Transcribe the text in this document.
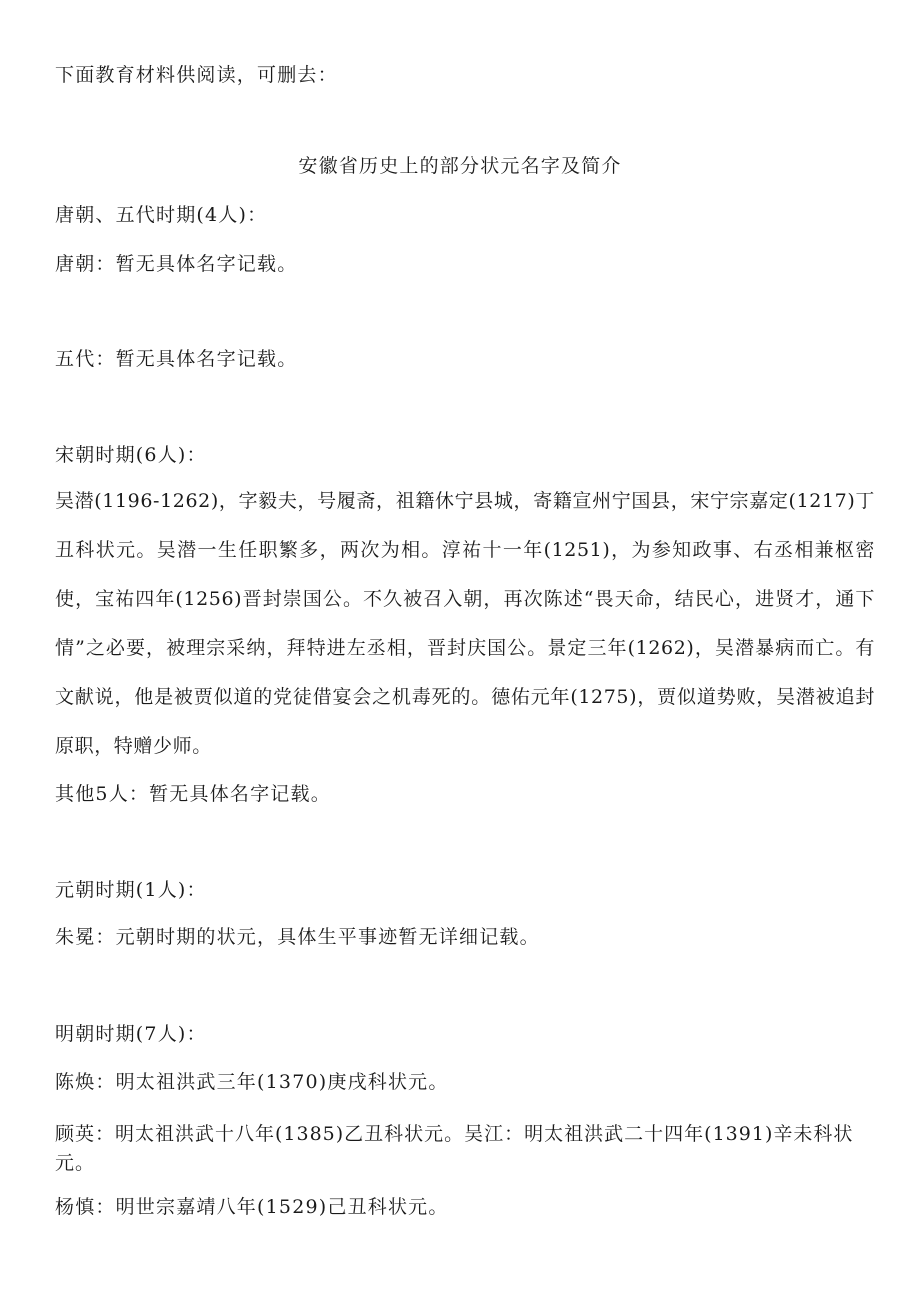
下面教育材料供阅读，可删去：
安徽省历史上的部分状元名字及简介
唐朝、五代时期(4人)：
唐朝：暂无具体名字记载。
五代：暂无具体名字记载。
宋朝时期(6人)：
吴潜(1196-1262)，字毅夫，号履斋，祖籍休宁县城，寄籍宣州宁国县，宋宁宗嘉定(1217)丁丑科状元。吴潜一生任职繁多，两次为相。淳祐十一年(1251)，为参知政事、右丞相兼枢密使，宝祐四年(1256)晋封崇国公。不久被召入朝，再次陈述“畏天命，结民心，进贤才，通下情”之必要，被理宗采纳，拜特进左丞相，晋封庆国公。景定三年(1262)，吴潜暴病而亡。有文献说，他是被贾似道的党徒借宴会之机毒死的。德佑元年(1275)，贾似道势败，吴潜被追封原职，特赠少师。
其他5人：暂无具体名字记载。
元朝时期(1人)：
朱冕：元朝时期的状元，具体生平事迹暂无详细记载。
明朝时期(7人)：
陈焕：明太祖洪武三年(1370)庚戌科状元。
顾英：明太祖洪武十八年(1385)乙丑科状元。吴江：明太祖洪武二十四年(1391)辛未科状元。
杨慎：明世宗嘉靖八年(1529)己丑科状元。
